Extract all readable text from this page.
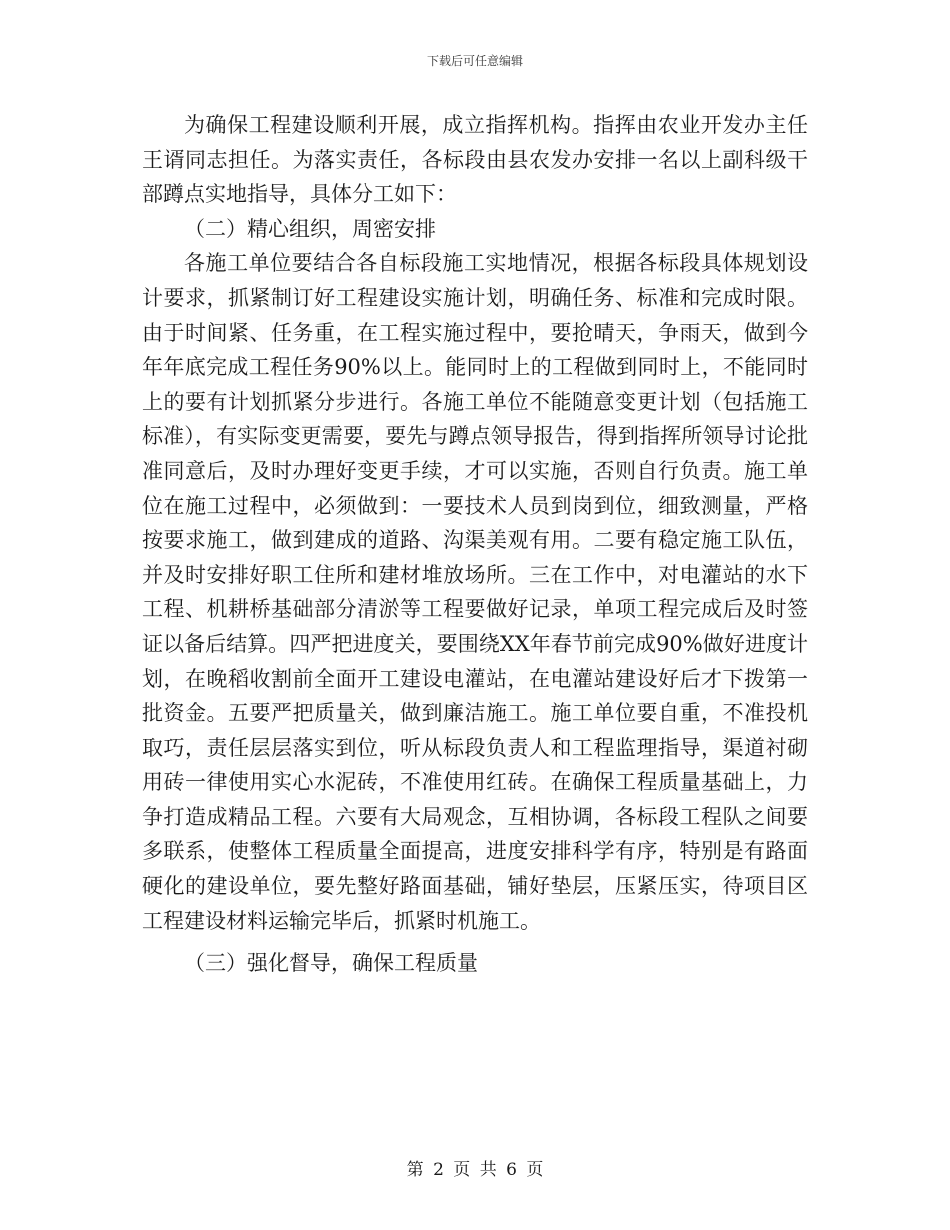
下载后可任意编辑

为确保工程建设顺利开展，成立指挥机构。指挥由农业开发办主任王谞同志担任。为落实责任，各标段由县农发办安排一名以上副科级干部蹲点实地指导，具体分工如下：

（二）精心组织，周密安排

各施工单位要结合各自标段施工实地情况，根据各标段具体规划设计要求，抓紧制订好工程建设实施计划，明确任务、标准和完成时限。由于时间紧、任务重，在工程实施过程中，要抢晴天，争雨天，做到今年年底完成工程任务90%以上。能同时上的工程做到同时上，不能同时上的要有计划抓紧分步进行。各施工单位不能随意变更计划（包括施工标准），有实际变更需要，要先与蹲点领导报告，得到指挥所领导讨论批准同意后，及时办理好变更手续，才可以实施，否则自行负责。施工单位在施工过程中，必须做到：一要技术人员到岗到位，细致测量，严格按要求施工，做到建成的道路、沟渠美观有用。二要有稳定施工队伍，并及时安排好职工住所和建材堆放场所。三在工作中，对电灌站的水下工程、机耕桥基础部分清淤等工程要做好记录，单项工程完成后及时签证以备后结算。四严把进度关，要围绕XX年春节前完成90%做好进度计划，在晚稻收割前全面开工建设电灌站，在电灌站建设好后才下拨第一批资金。五要严把质量关，做到廉洁施工。施工单位要自重，不准投机取巧，责任层层落实到位，听从标段负责人和工程监理指导，渠道衬砌用砖一律使用实心水泥砖，不准使用红砖。在确保工程质量基础上，力争打造成精品工程。六要有大局观念，互相协调，各标段工程队之间要多联系，使整体工程质量全面提高，进度安排科学有序，特别是有路面硬化的建设单位，要先整好路面基础，铺好垫层，压紧压实，待项目区工程建设材料运输完毕后，抓紧时机施工。

（三）强化督导，确保工程质量

第 2 页 共 6 页
